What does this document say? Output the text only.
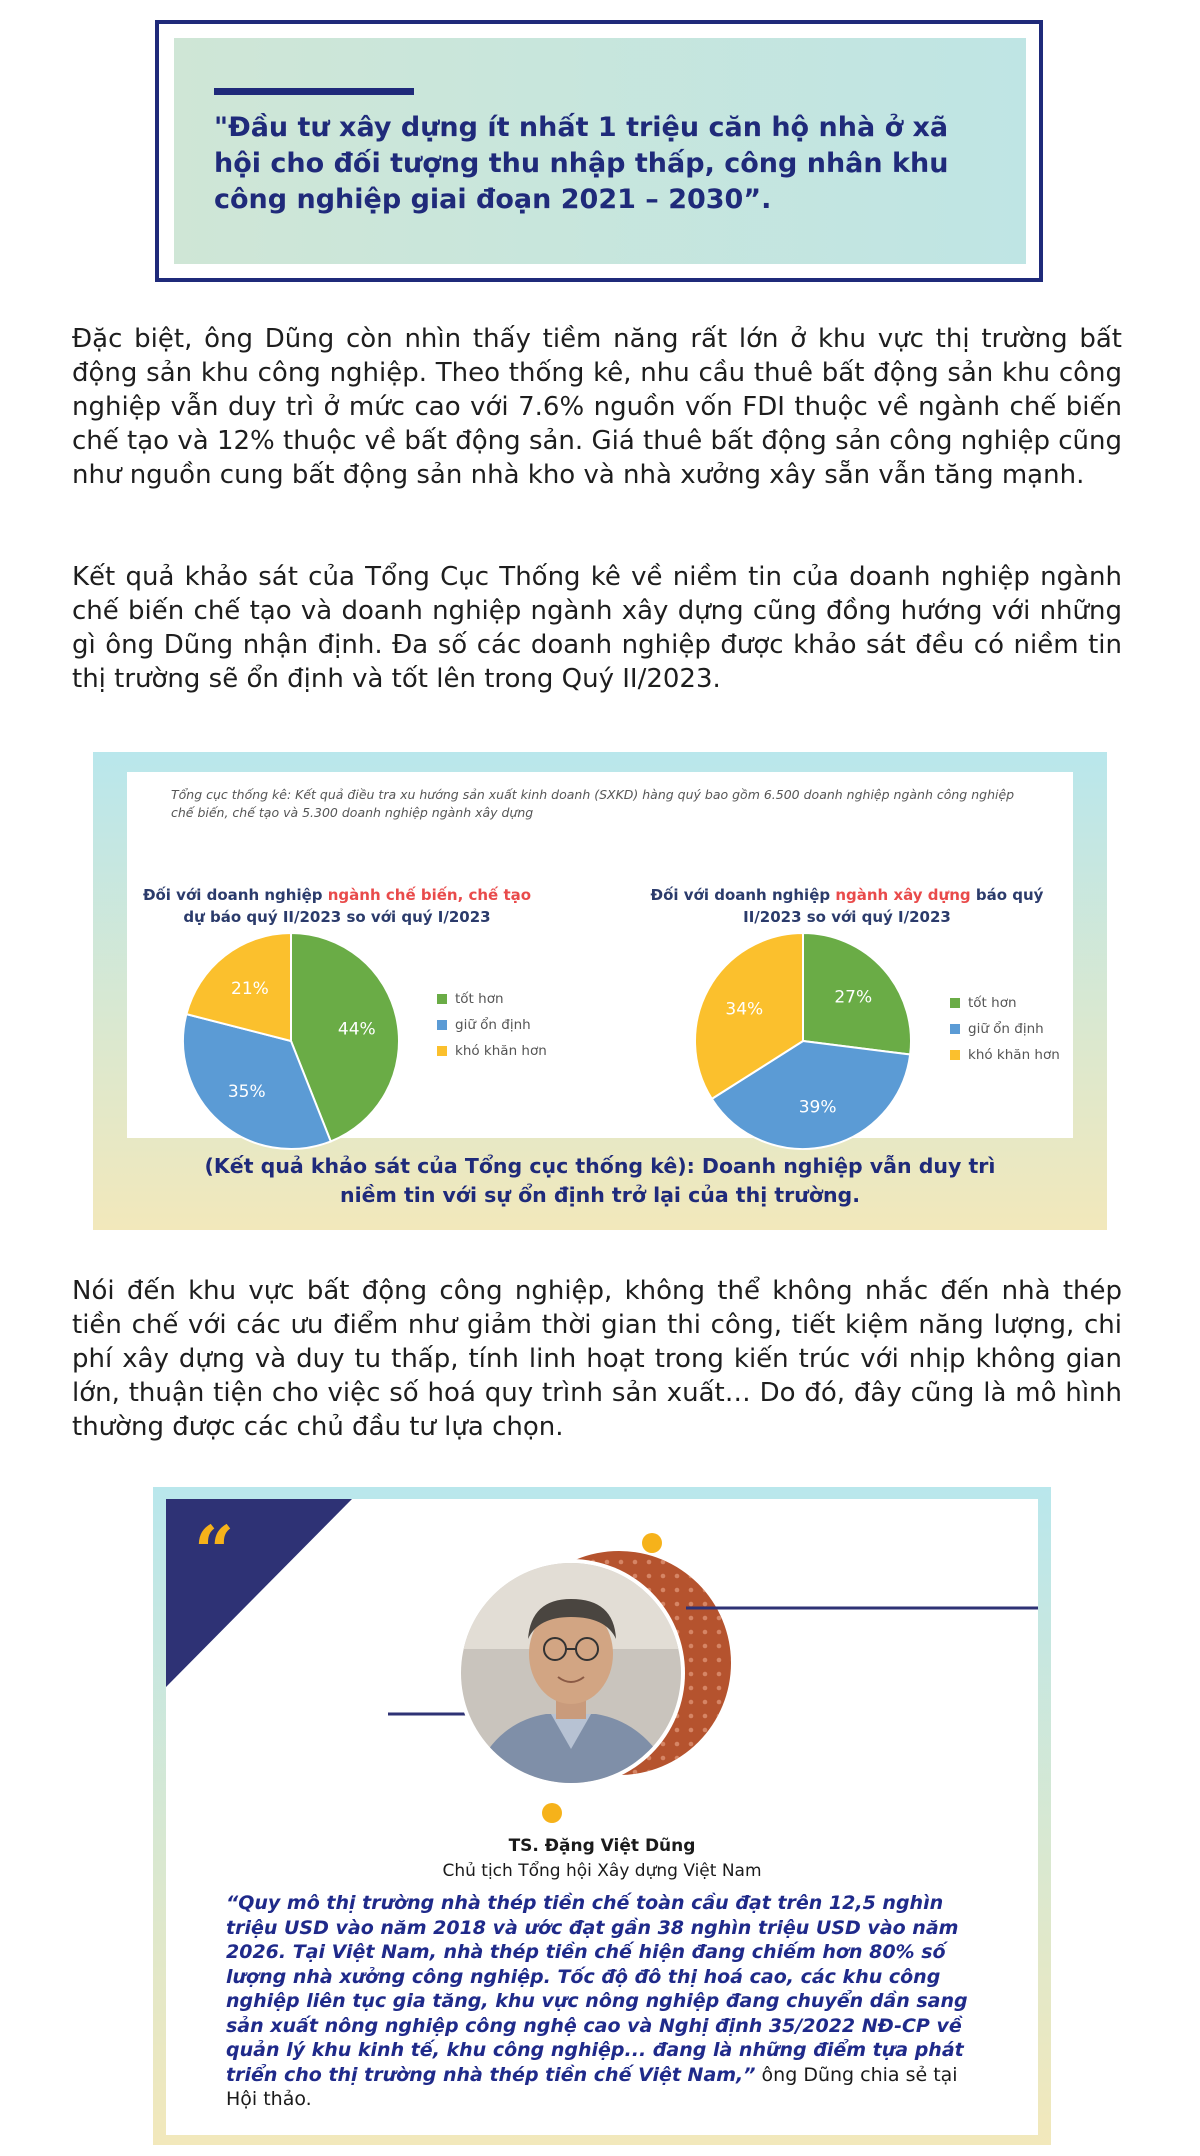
"Đầu tư xây dựng ít nhất 1 triệu căn hộ nhà ở xã hội cho đối tượng thu nhập thấp, công nhân khu công nghiệp giai đoạn 2021 – 2030”.
Đặc biệt, ông Dũng còn nhìn thấy tiềm năng rất lớn ở khu vực thị trường bất động sản khu công nghiệp. Theo thống kê, nhu cầu thuê bất động sản khu công nghiệp vẫn duy trì ở mức cao với 7.6% nguồn vốn FDI thuộc về ngành chế biến chế tạo và 12% thuộc về bất động sản. Giá thuê bất động sản công nghiệp cũng như nguồn cung bất động sản nhà kho và nhà xưởng xây sẵn vẫn tăng mạnh.
Kết quả khảo sát của Tổng Cục Thống kê về niềm tin của doanh nghiệp ngành chế biến chế tạo và doanh nghiệp ngành xây dựng cũng đồng hướng với những gì ông Dũng nhận định. Đa số các doanh nghiệp được khảo sát đều có niềm tin thị trường sẽ ổn định và tốt lên trong Quý II/2023.
Tổng cục thống kê: Kết quả điều tra xu hướng sản xuất kinh doanh (SXKD) hàng quý bao gồm 6.500 doanh nghiệp ngành công nghiệp chế biến, chế tạo và 5.300 doanh nghiệp ngành xây dựng
Đối với doanh nghiệp ngành chế biến, chế tạo
dự báo quý II/2023 so với quý I/2023
Đối với doanh nghiệp ngành xây dựng báo quý
II/2023 so với quý I/2023
44%
35%
21%	27%
39%
34%
tốt hơn
giữ ổn định
khó khăn hơn
tốt hơn
giữ ổn định
khó khăn hơn
(Kết quả khảo sát của Tổng cục thống kê): Doanh nghiệp vẫn duy trì niềm tin với sự ổn định trở lại của thị trường.
Nói đến khu vực bất động công nghiệp, không thể không nhắc đến nhà thép tiền chế với các ưu điểm như giảm thời gian thi công, tiết kiệm năng lượng, chi phí xây dựng và duy tu thấp, tính linh hoạt trong kiến trúc với nhịp không gian lớn, thuận tiện cho việc số hoá quy trình sản xuất… Do đó, đây cũng là mô hình thường được các chủ đầu tư lựa chọn.
“
TS. Đặng Việt Dũng
Chủ tịch Tổng hội Xây dựng Việt Nam
“Quy mô thị trường nhà thép tiền chế toàn cầu đạt trên 12,5 nghìn triệu USD vào năm 2018 và ước đạt gần 38 nghìn triệu USD vào năm 2026. Tại Việt Nam, nhà thép tiền chế hiện đang chiếm hơn 80% số lượng nhà xưởng công nghiệp. Tốc độ đô thị hoá cao, các khu công nghiệp liên tục gia tăng, khu vực nông nghiệp đang chuyển dần sang sản xuất nông nghiệp công nghệ cao và Nghị định 35/2022 NĐ-CP về quản lý khu kinh tế, khu công nghiệp... đang là những điểm tựa phát triển cho thị trường nhà thép tiền chế Việt Nam,” ông Dũng chia sẻ tại Hội thảo.
